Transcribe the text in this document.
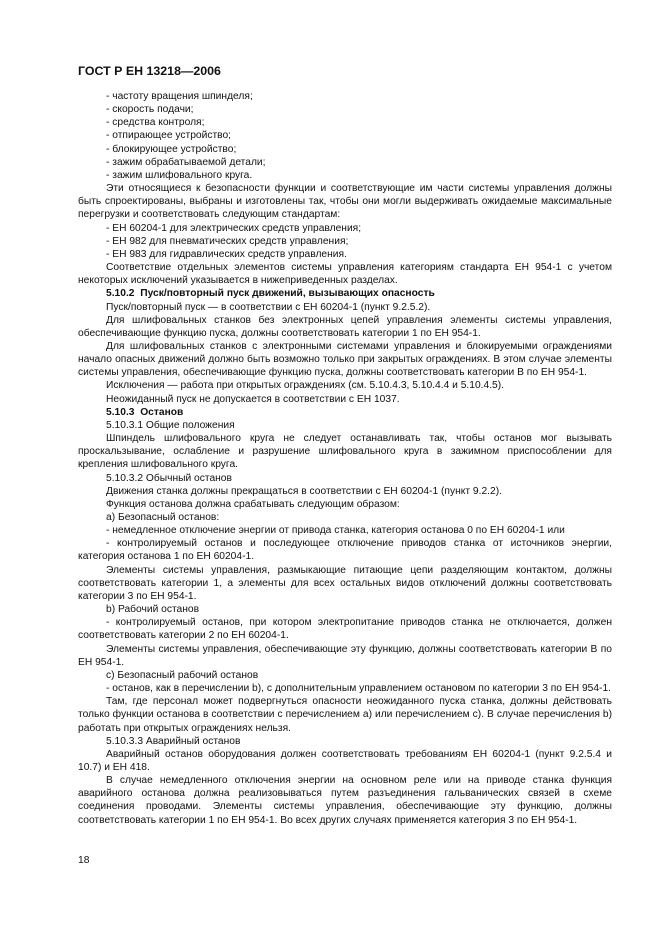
ГОСТ Р ЕН 13218—2006

- частоту вращения шпинделя;

- скорость подачи;

- средства контроля;

- отпирающее устройство;

- блокирующее устройство;

- зажим обрабатываемой детали;

- зажим шлифовального круга.

Эти относящиеся к безопасности функции и соответствующие им части системы управления должны быть спроектированы, выбраны и изготовлены так, чтобы они могли выдерживать ожидаемые максимальные перегрузки и соответствовать следующим стандартам:

- ЕН 60204-1 для электрических средств управления;

- ЕН 982 для пневматических средств управления;

- ЕН 983 для гидравлических средств управления.

Соответствие отдельных элементов системы управления категориям стандарта ЕН 954-1 с учетом некоторых исключений указывается в нижеприведенных разделах.

5.10.2 Пуск/повторный пуск движений, вызывающих опасность

Пуск/повторный пуск — в соответствии с ЕН 60204-1 (пункт 9.2.5.2).

Для шлифовальных станков без электронных цепей управления элементы системы управления, обеспечивающие функцию пуска, должны соответствовать категории 1 по ЕН 954-1.

Для шлифовальных станков с электронными системами управления и блокируемыми ограждениями начало опасных движений должно быть возможно только при закрытых ограждениях. В этом случае элементы системы управления, обеспечивающие функцию пуска, должны соответствовать категории В по ЕН 954-1.

Исключения — работа при открытых ограждениях (см. 5.10.4.3, 5.10.4.4 и 5.10.4.5).

Неожиданный пуск не допускается в соответствии с ЕН 1037.

5.10.3 Останов

5.10.3.1 Общие положения

Шпиндель шлифовального круга не следует останавливать так, чтобы останов мог вызывать проскальзывание, ослабление и разрушение шлифовального круга в зажимном приспособлении для крепления шлифовального круга.

5.10.3.2 Обычный останов

Движения станка должны прекращаться в соответствии с ЕН 60204-1 (пункт 9.2.2).

Функция останова должна срабатывать следующим образом:

а) Безопасный останов:

- немедленное отключение энергии от привода станка, категория останова 0 по ЕН 60204-1 или

- контролируемый останов и последующее отключение приводов станка от источников энергии, категория останова 1 по ЕН 60204-1.

Элементы системы управления, размыкающие питающие цепи разделяющим контактом, должны соответствовать категории 1, а элементы для всех остальных видов отключений должны соответствовать категории 3 по ЕН 954-1.

b) Рабочий останов

- контролируемый останов, при котором электропитание приводов станка не отключается, должен соответствовать категории 2 по ЕН 60204-1.

Элементы системы управления, обеспечивающие эту функцию, должны соответствовать категории В по ЕН 954-1.

с) Безопасный рабочий останов

- останов, как в перечислении b), с дополнительным управлением остановом по категории 3 по ЕН 954-1.

Там, где персонал может подвергнуться опасности неожиданного пуска станка, должны действовать только функции останова в соответствии с перечислением а) или перечислением с). В случае перечисления b) работать при открытых ограждениях нельзя.

5.10.3.3 Аварийный останов

Аварийный останов оборудования должен соответствовать требованиям ЕН 60204-1 (пункт 9.2.5.4 и 10.7) и ЕН 418.

В случае немедленного отключения энергии на основном реле или на приводе станка функция аварийного останова должна реализовываться путем разъединения гальванических связей в схеме соединения проводами. Элементы системы управления, обеспечивающие эту функцию, должны соответствовать категории 1 по ЕН 954-1. Во всех других случаях применяется категория 3 по ЕН 954-1.

18
